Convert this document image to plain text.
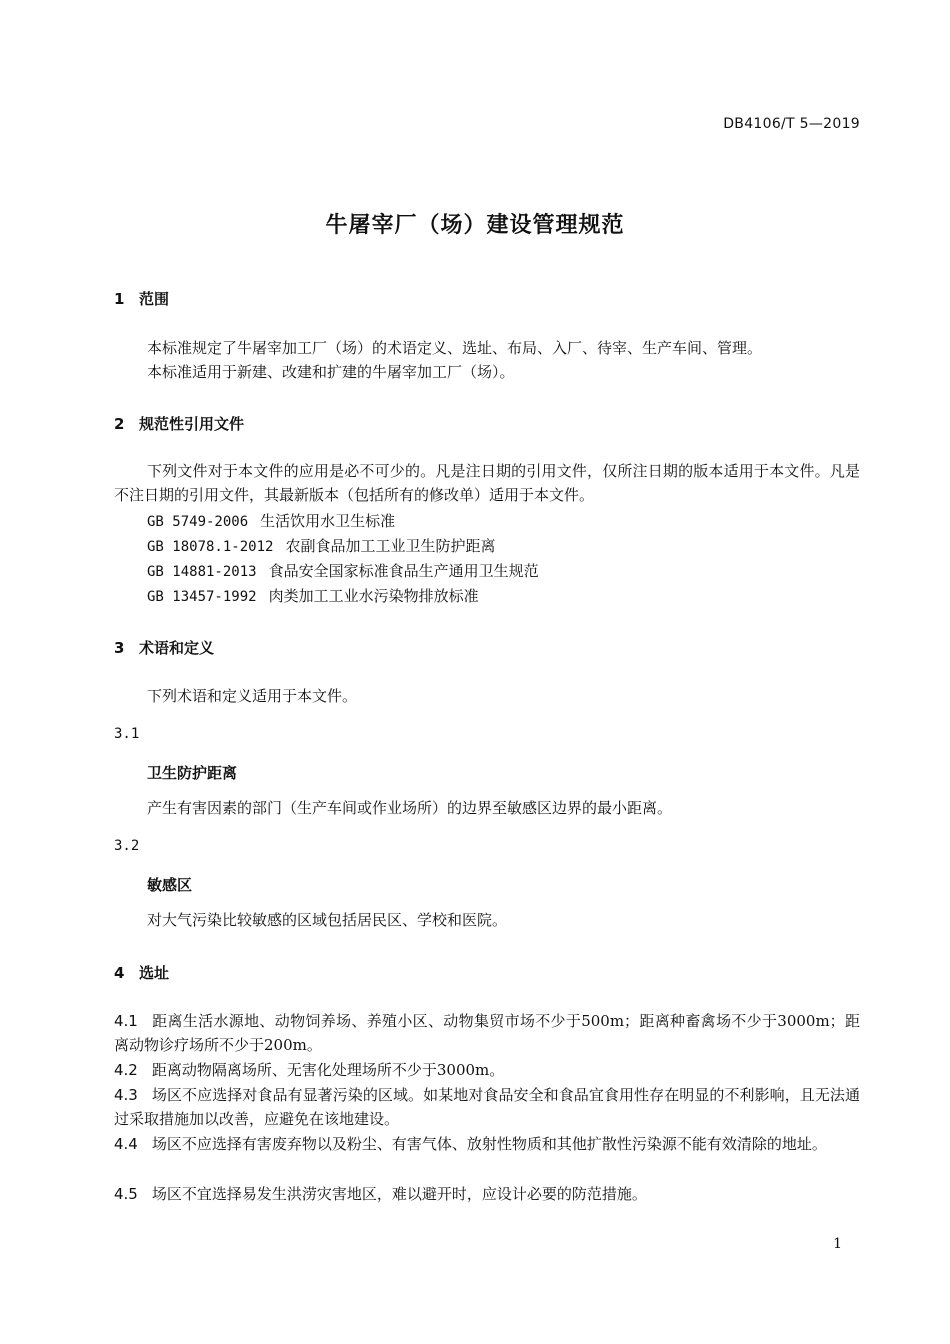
DB4106/T 5—2019
牛屠宰厂（场）建设管理规范
1 范围
本标准规定了牛屠宰加工厂（场）的术语定义、选址、布局、入厂、待宰、生产车间、管理。
本标准适用于新建、改建和扩建的牛屠宰加工厂（场）。
2 规范性引用文件
下列文件对于本文件的应用是必不可少的。凡是注日期的引用文件，仅所注日期的版本适用于本文件。凡是不注日期的引用文件，其最新版本（包括所有的修改单）适用于本文件。
GB 5749-2006 生活饮用水卫生标准
GB 18078.1-2012 农副食品加工工业卫生防护距离
GB 14881-2013 食品安全国家标准食品生产通用卫生规范
GB 13457-1992 肉类加工工业水污染物排放标准
3 术语和定义
下列术语和定义适用于本文件。
3.1
卫生防护距离
产生有害因素的部门（生产车间或作业场所）的边界至敏感区边界的最小距离。
3.2
敏感区
对大气污染比较敏感的区域包括居民区、学校和医院。
4 选址
4.1 距离生活水源地、动物饲养场、养殖小区、动物集贸市场不少于500m；距离种畜禽场不少于3000m；距离动物诊疗场所不少于200m。
4.2 距离动物隔离场所、无害化处理场所不少于3000m。
4.3 场区不应选择对食品有显著污染的区域。如某地对食品安全和食品宜食用性存在明显的不利影响，且无法通过采取措施加以改善，应避免在该地建设。
4.4 场区不应选择有害废弃物以及粉尘、有害气体、放射性物质和其他扩散性污染源不能有效清除的地址。
4.5 场区不宜选择易发生洪涝灾害地区，难以避开时，应设计必要的防范措施。
1
